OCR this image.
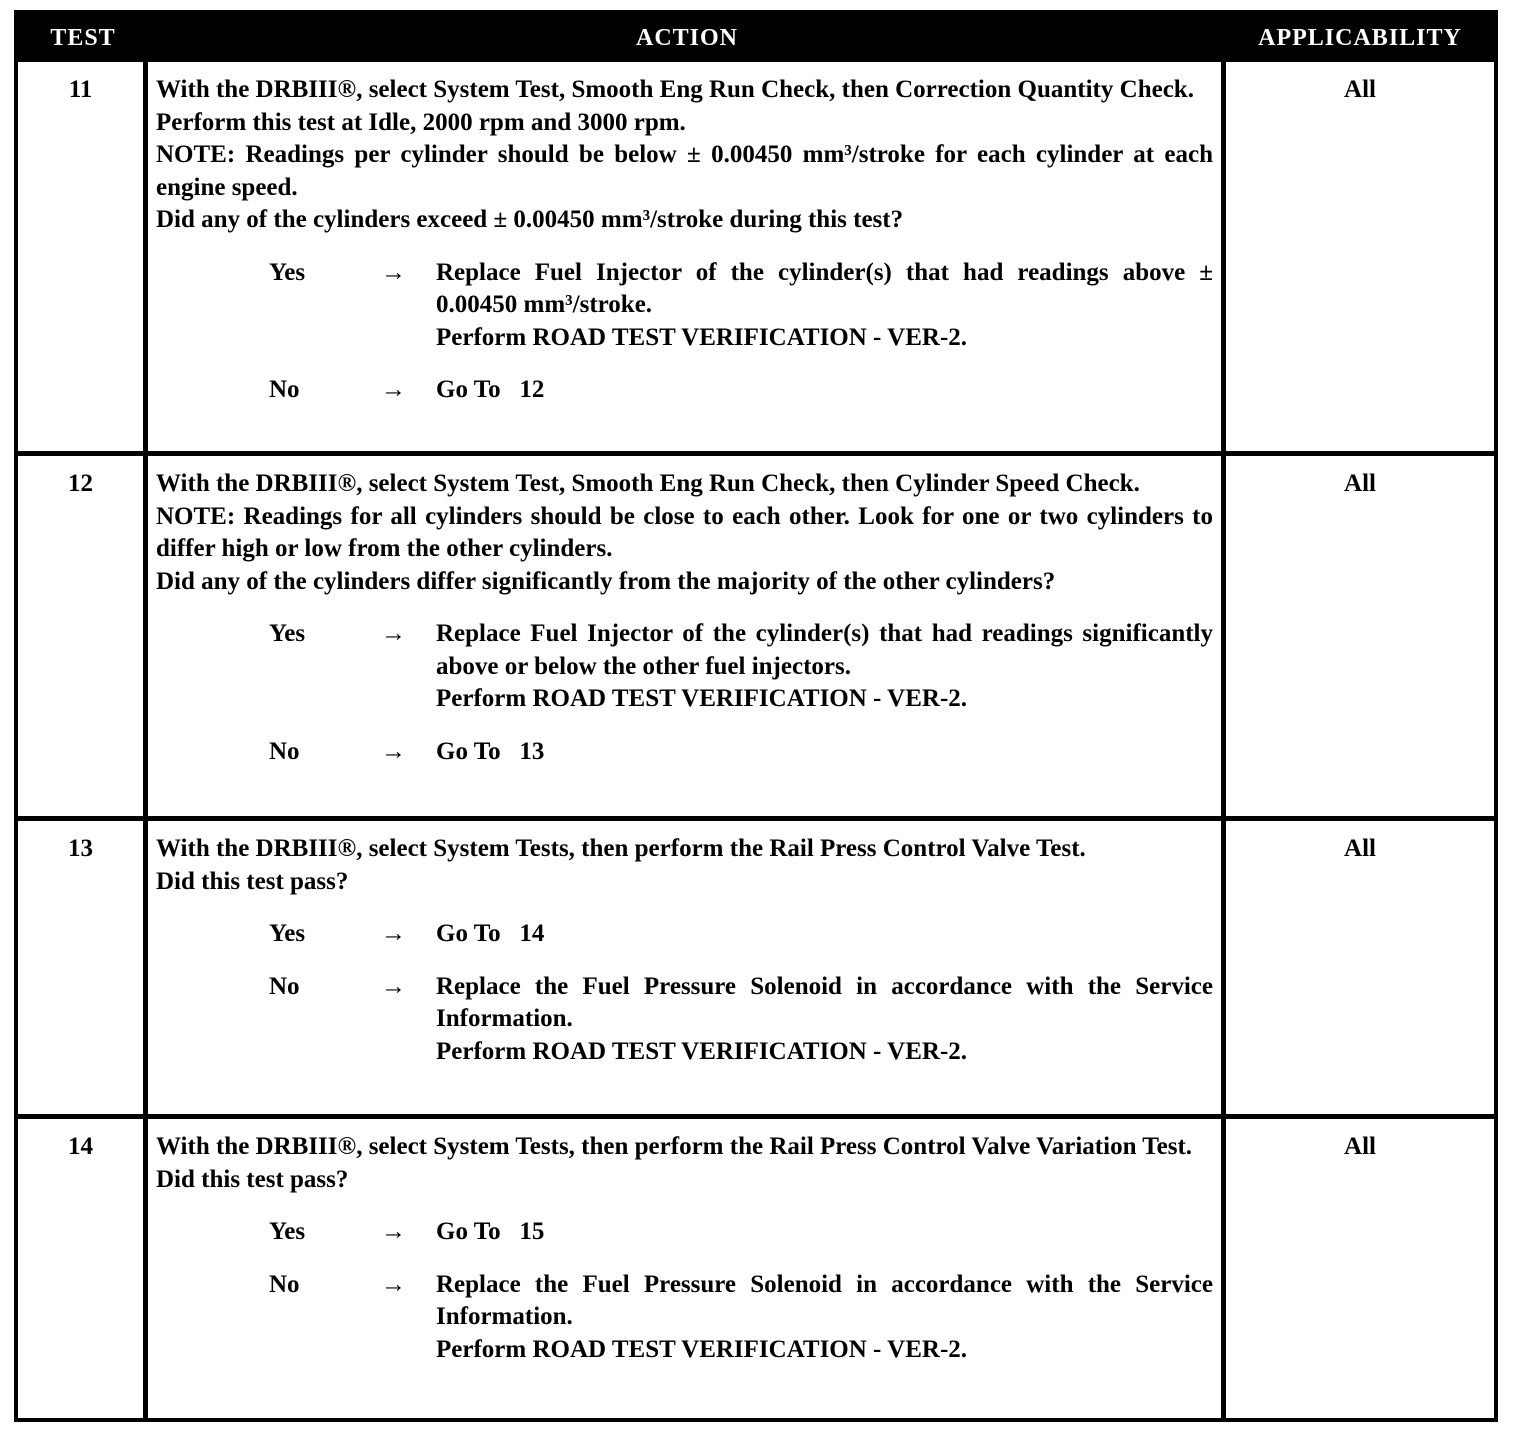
TEST	ACTION	APPLICABILITY
11	With the DRBIII®, select System Test, Smooth Eng Run Check, then Correction Quantity Check.

Perform this test at Idle, 2000 rpm and 3000 rpm.

NOTE: Readings per cylinder should be below ± 0.00450 mm³/stroke for each cylinder at each engine speed.

Did any of the cylinders exceed ± 0.00450 mm³/stroke during this test?

Yes	→	Replace Fuel Injector of the cylinder(s) that had readings above ± 0.00450 mm³/stroke.
Perform ROAD TEST VERIFICATION - VER-2.
No	→	Go To   12
All
12	With the DRBIII®, select System Test, Smooth Eng Run Check, then Cylinder Speed Check.

NOTE: Readings for all cylinders should be close to each other. Look for one or two cylinders to differ high or low from the other cylinders.

Did any of the cylinders differ significantly from the majority of the other cylinders?

Yes	→	Replace Fuel Injector of the cylinder(s) that had readings significantly above or below the other fuel injectors.
Perform ROAD TEST VERIFICATION - VER-2.
No	→	Go To   13
All
13	With the DRBIII®, select System Tests, then perform the Rail Press Control Valve Test.

Did this test pass?

Yes	→	Go To   14
No	→	Replace the Fuel Pressure Solenoid in accordance with the Service Information.
Perform ROAD TEST VERIFICATION - VER-2.
All
14	With the DRBIII®, select System Tests, then perform the Rail Press Control Valve Variation Test.

Did this test pass?

Yes	→	Go To   15
No	→	Replace the Fuel Pressure Solenoid in accordance with the Service Information.
Perform ROAD TEST VERIFICATION - VER-2.
All
